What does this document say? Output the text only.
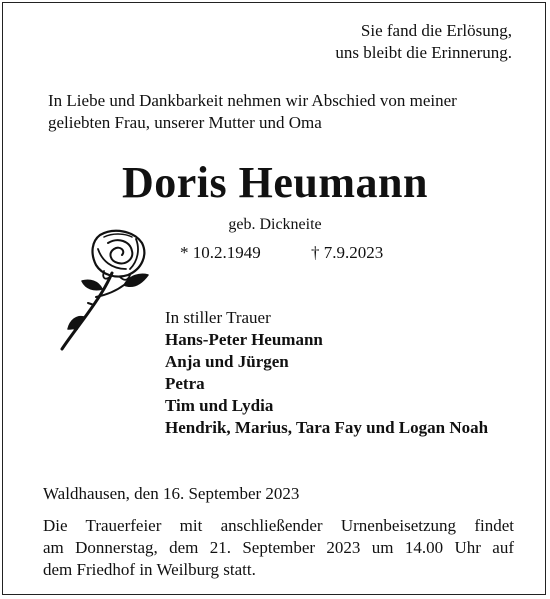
Sie fand die Erlösung,
uns bleibt die Erinnerung.
In Liebe und Dankbarkeit nehmen wir Abschied von meiner
geliebten Frau, unserer Mutter und Oma
Doris Heumann
geb. Dickneite
* 10.2.1949	† 7.9.2023
In stiller Trauer
Hans-Peter Heumann
Anja und Jürgen
Petra
Tim und Lydia
Hendrik, Marius, Tara Fay und Logan Noah
Waldhausen, den 16. September 2023
Die Trauerfeier mit anschließender Urnenbeisetzung findet
am Donnerstag, dem 21. September 2023 um 14.00 Uhr auf
dem Friedhof in Weilburg statt.
